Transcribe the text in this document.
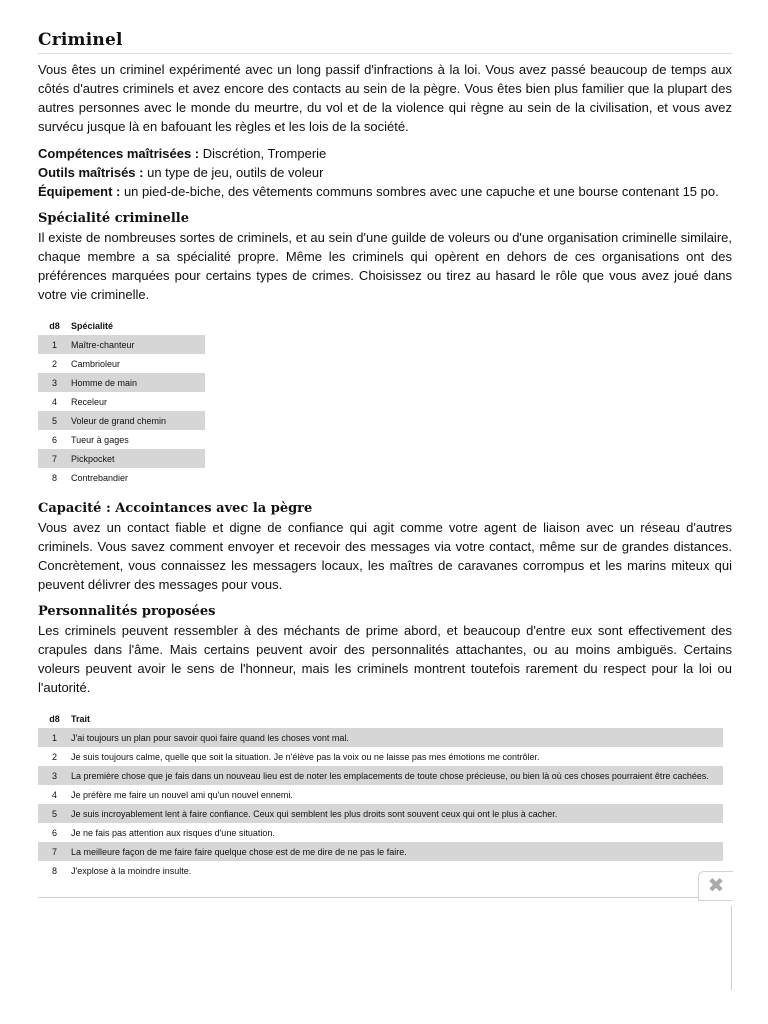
Criminel

Vous êtes un criminel expérimenté avec un long passif d'infractions à la loi. Vous avez passé beaucoup de temps aux côtés d'autres criminels et avez encore des contacts au sein de la pègre. Vous êtes bien plus familier que la plupart des autres personnes avec le monde du meurtre, du vol et de la violence qui règne au sein de la civilisation, et vous avez survécu jusque là en bafouant les règles et les lois de la société.

Compétences maîtrisées : Discrétion, Tromperie
Outils maîtrisés : un type de jeu, outils de voleur
Équipement : un pied-de-biche, des vêtements communs sombres avec une capuche et une bourse contenant 15 po.
Spécialité criminelle

Il existe de nombreuses sortes de criminels, et au sein d'une guilde de voleurs ou d'une organisation criminelle similaire, chaque membre a sa spécialité propre. Même les criminels qui opèrent en dehors de ces organisations ont des préférences marquées pour certains types de crimes. Choisissez ou tirez au hasard le rôle que vous avez joué dans votre vie criminelle.

d8	Spécialité
1	Maître-chanteur
2	Cambrioleur
3	Homme de main
4	Receleur
5	Voleur de grand chemin
6	Tueur à gages
7	Pickpocket
8	Contrebandier
Capacité : Accointances avec la pègre

Vous avez un contact fiable et digne de confiance qui agit comme votre agent de liaison avec un réseau d'autres criminels. Vous savez comment envoyer et recevoir des messages via votre contact, même sur de grandes distances. Concrètement, vous connaissez les messagers locaux, les maîtres de caravanes corrompus et les marins miteux qui peuvent délivrer des messages pour vous.

Personnalités proposées

Les criminels peuvent ressembler à des méchants de prime abord, et beaucoup d'entre eux sont effectivement des crapules dans l'âme. Mais certains peuvent avoir des personnalités attachantes, ou au moins ambiguës. Certains voleurs peuvent avoir le sens de l'honneur, mais les criminels montrent toutefois rarement du respect pour la loi ou l'autorité.

d8	Trait
1	J'ai toujours un plan pour savoir quoi faire quand les choses vont mal.
2	Je suis toujours calme, quelle que soit la situation. Je n'élève pas la voix ou ne laisse pas mes émotions me contrôler.
3	La première chose que je fais dans un nouveau lieu est de noter les emplacements de toute chose précieuse, ou bien là où ces choses pourraient être cachées.
4	Je préfère me faire un nouvel ami qu'un nouvel ennemi.
5	Je suis incroyablement lent à faire confiance. Ceux qui semblent les plus droits sont souvent ceux qui ont le plus à cacher.
6	Je ne fais pas attention aux risques d'une situation.
7	La meilleure façon de me faire faire quelque chose est de me dire de ne pas le faire.
8	J'explose à la moindre insulte.
✖
